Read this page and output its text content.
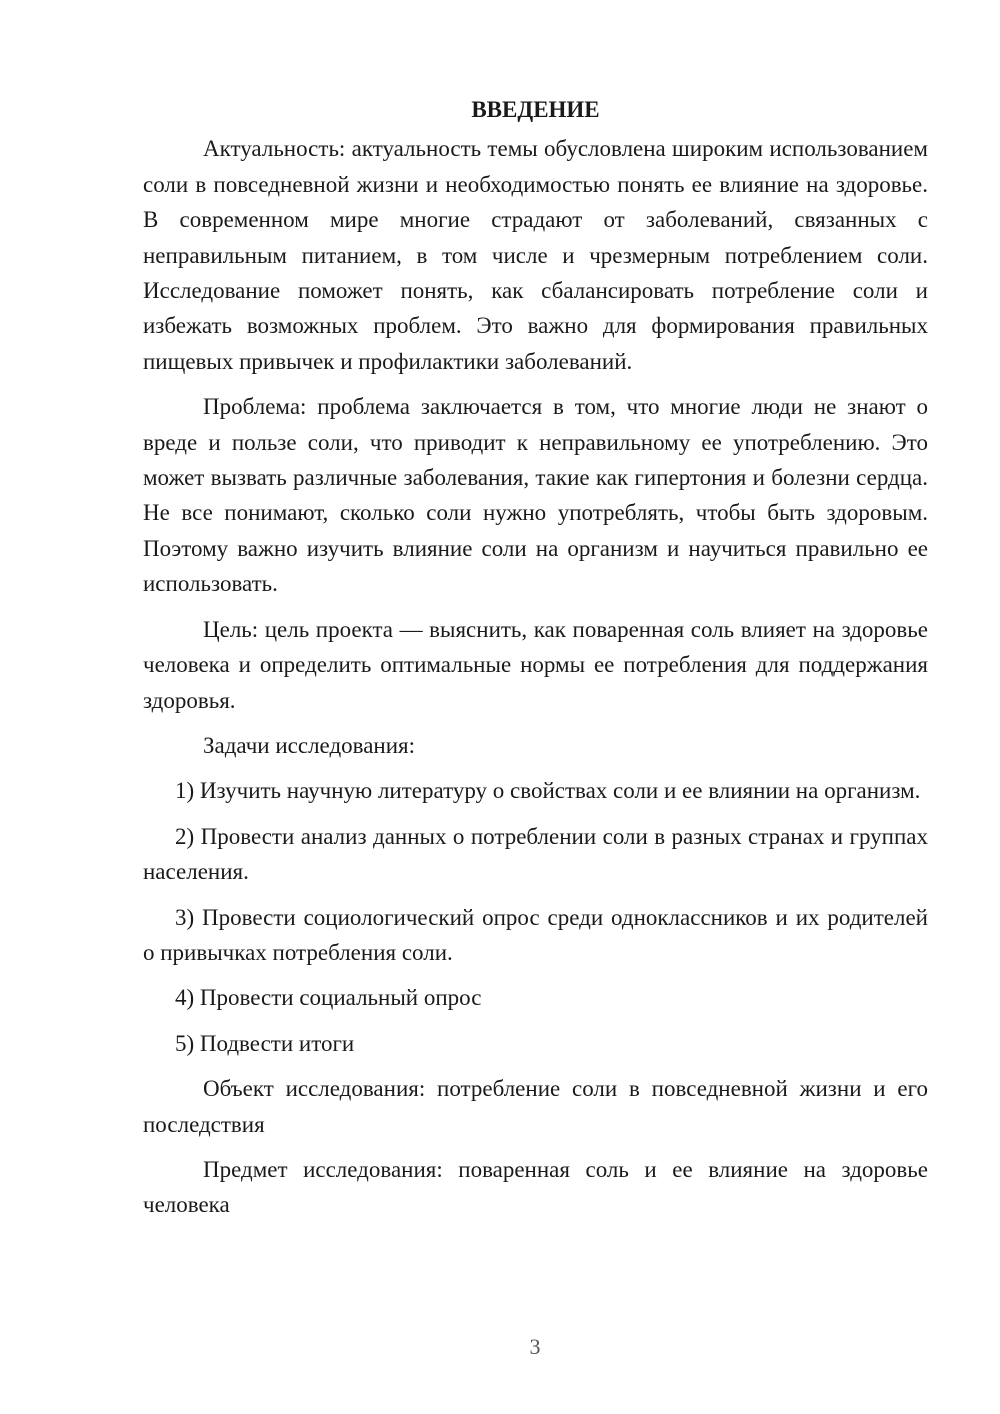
ВВЕДЕНИЕ

Актуальность: актуальность темы обусловлена широким использованием соли в повседневной жизни и необходимостью понять ее влияние на здоровье. В современном мире многие страдают от заболеваний, связанных с неправильным питанием, в том числе и чрезмерным потреблением соли. Исследование поможет понять, как сбалансировать потребление соли и избежать возможных проблем. Это важно для формирования правильных пищевых привычек и профилактики заболеваний.

Проблема: проблема заключается в том, что многие люди не знают о вреде и пользе соли, что приводит к неправильному ее употреблению. Это может вызвать различные заболевания, такие как гипертония и болезни сердца. Не все понимают, сколько соли нужно употреблять, чтобы быть здоровым. Поэтому важно изучить влияние соли на организм и научиться правильно ее использовать.

Цель: цель проекта — выяснить, как поваренная соль влияет на здоровье человека и определить оптимальные нормы ее потребления для поддержания здоровья.

Задачи исследования:

1) Изучить научную литературу о свойствах соли и ее влиянии на организм.

2) Провести анализ данных о потреблении соли в разных странах и группах населения.

3) Провести социологический опрос среди одноклассников и их родителей о привычках потребления соли.

4) Провести социальный опрос

5) Подвести итоги

Объект исследования: потребление соли в повседневной жизни и его последствия

Предмет исследования: поваренная соль и ее влияние на здоровье человека

3
